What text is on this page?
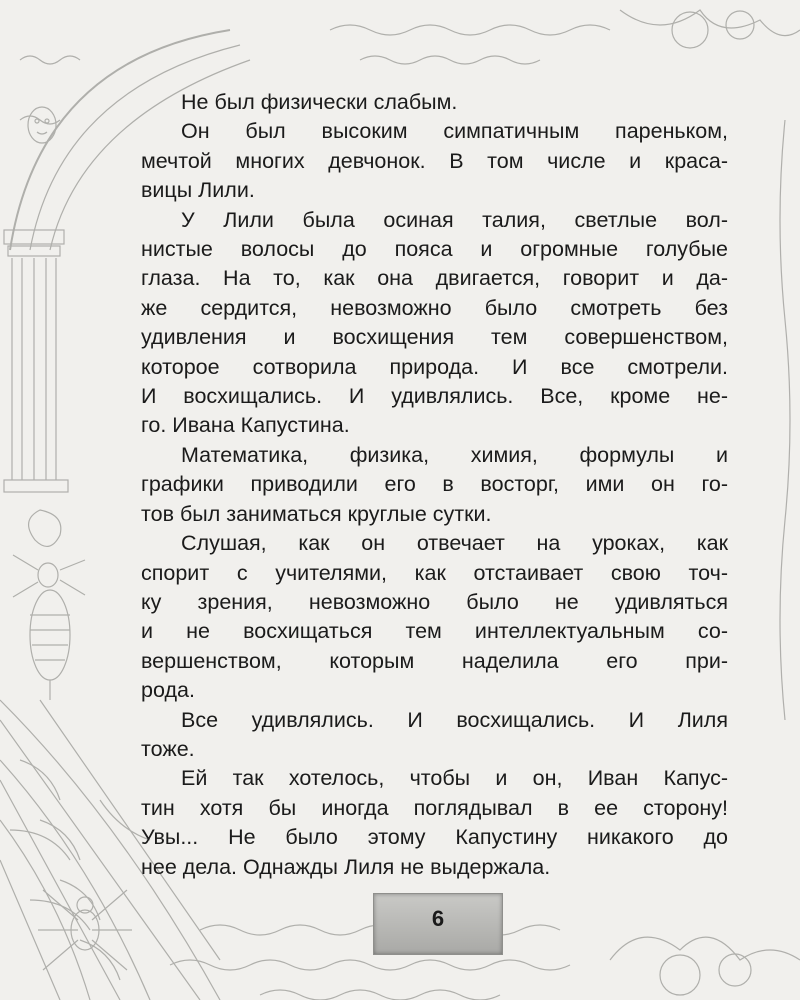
Не был физически слабым.
Он был высоким симпатичным пареньком,
мечтой многих девчонок. В том числе и краса-
вицы Лили.
У Лили была осиная талия, светлые вол-
нистые волосы до пояса и огромные голубые
глаза. На то, как она двигается, говорит и да-
же сердится, невозможно было смотреть без
удивления и восхищения тем совершенством,
которое сотворила природа. И все смотрели.
И восхищались. И удивлялись. Все, кроме не-
го. Ивана Капустина.
Математика, физика, химия, формулы и
графики приводили его в восторг, ими он го-
тов был заниматься круглые сутки.
Слушая, как он отвечает на уроках, как
спорит с учителями, как отстаивает свою точ-
ку зрения, невозможно было не удивляться
и не восхищаться тем интеллектуальным со-
вершенством, которым наделила его при-
рода.
Все удивлялись. И восхищались. И Лиля
тоже.
Ей так хотелось, чтобы и он, Иван Капус-
тин хотя бы иногда поглядывал в ее сторону!
Увы... Не было этому Капустину никакого до
нее дела. Однажды Лиля не выдержала.
6
